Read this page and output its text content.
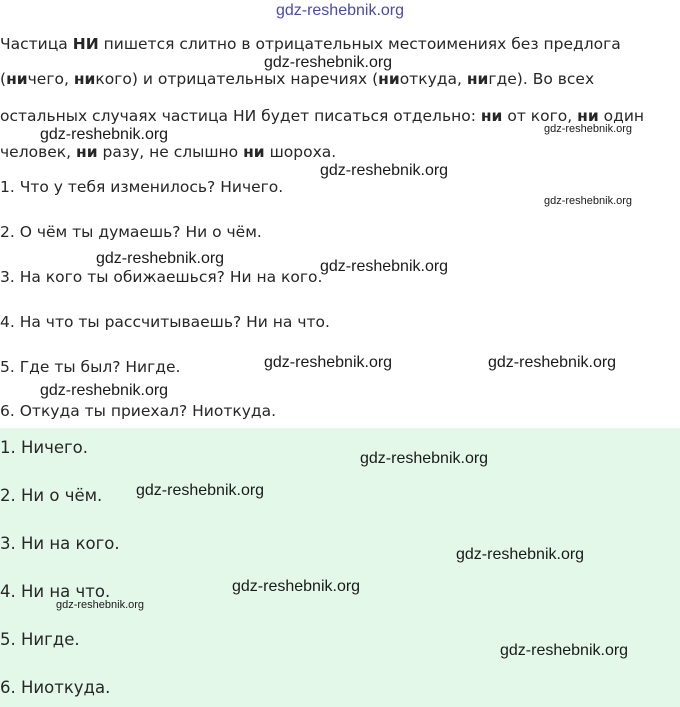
gdz-reshebnik.org
Частица НИ пишется слитно в отрицательных местоимениях без предлога
(ничего, никого) и отрицательных наречиях (ниоткуда, нигде). Во всех
остальных случаях частица НИ будет писаться отдельно: ни от кого, ни один
человек, ни разу, не слышно ни шороха.
1. Что у тебя изменилось? Ничего.
2. О чём ты думаешь? Ни о чём.
3. На кого ты обижаешься? Ни на кого.
4. На что ты рассчитываешь? Ни на что.
5. Где ты был? Нигде.
6. Откуда ты приехал? Ниоткуда.
1. Ничего.
2. Ни о чём.
3. Ни на кого.
4. Ни на что.
5. Нигде.
6. Ниоткуда.
gdz-reshebnik.org
gdz-reshebnik.org	gdz-reshebnik.org
gdz-reshebnik.org
gdz-reshebnik.org
gdz-reshebnik.org	gdz-reshebnik.org
gdz-reshebnik.org	gdz-reshebnik.org
gdz-reshebnik.org
gdz-reshebnik.org
gdz-reshebnik.org
gdz-reshebnik.org
gdz-reshebnik.org
gdz-reshebnik.org
gdz-reshebnik.org
